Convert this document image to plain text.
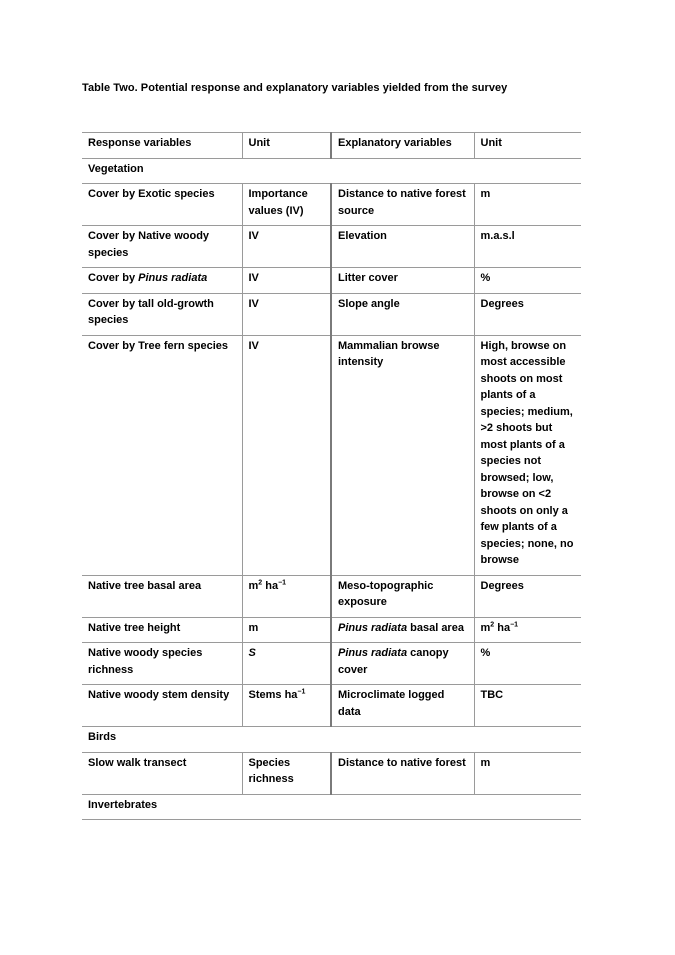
Table Two. Potential response and explanatory variables yielded from the survey
Response variables	Unit	Explanatory variables	Unit
Vegetation			
Cover by Exotic species	Importance values (IV)	Distance to native forest source	m
Cover by Native woody species	IV	Elevation	m.a.s.l
Cover by Pinus radiata	IV	Litter cover	%
Cover by tall old-growth species	IV	Slope angle	Degrees
Cover by Tree fern species	IV	Mammalian browse intensity	High, browse on most accessible shoots on most plants of a species; medium, >2 shoots but most plants of a species not browsed; low, browse on <2 shoots on only a few plants of a species; none, no browse
Native tree basal area	$m^2$ $ha^{-1}$	Meso-topographic exposure	Degrees
Native tree height	m	Pinus radiata basal area	$m^2$ $ha^{-1}$
Native woody species richness	S	Pinus radiata canopy cover	%
Native woody stem density	Stems $ha^{-1}$	Microclimate logged data	TBC
Birds			
Slow walk transect	Species richness	Distance to native forest	m
Invertebrates			
